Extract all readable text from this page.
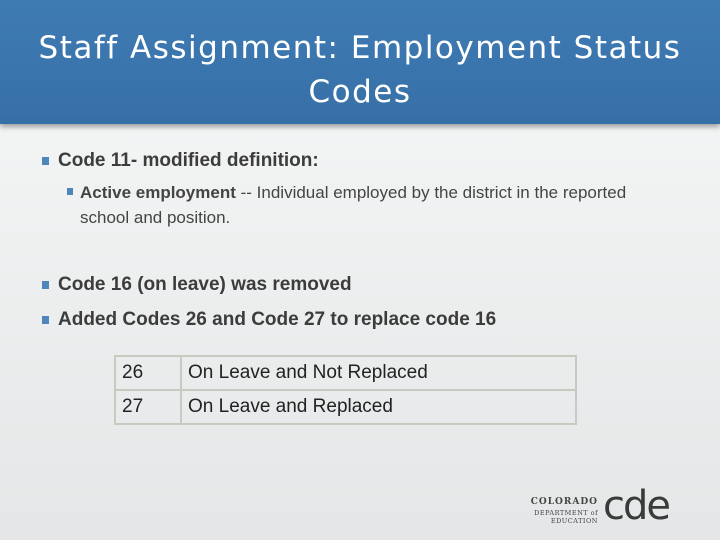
Staff Assignment: Employment Status Codes
Code 11- modified definition:
Active employment -- Individual employed by the district in the reported school and position.
Code 16 (on leave) was removed
Added Codes 26 and Code 27 to replace code 16
26	On Leave and Not Replaced
27	On Leave and Replaced
COLORADO
DEPARTMENT of EDUCATION cde
